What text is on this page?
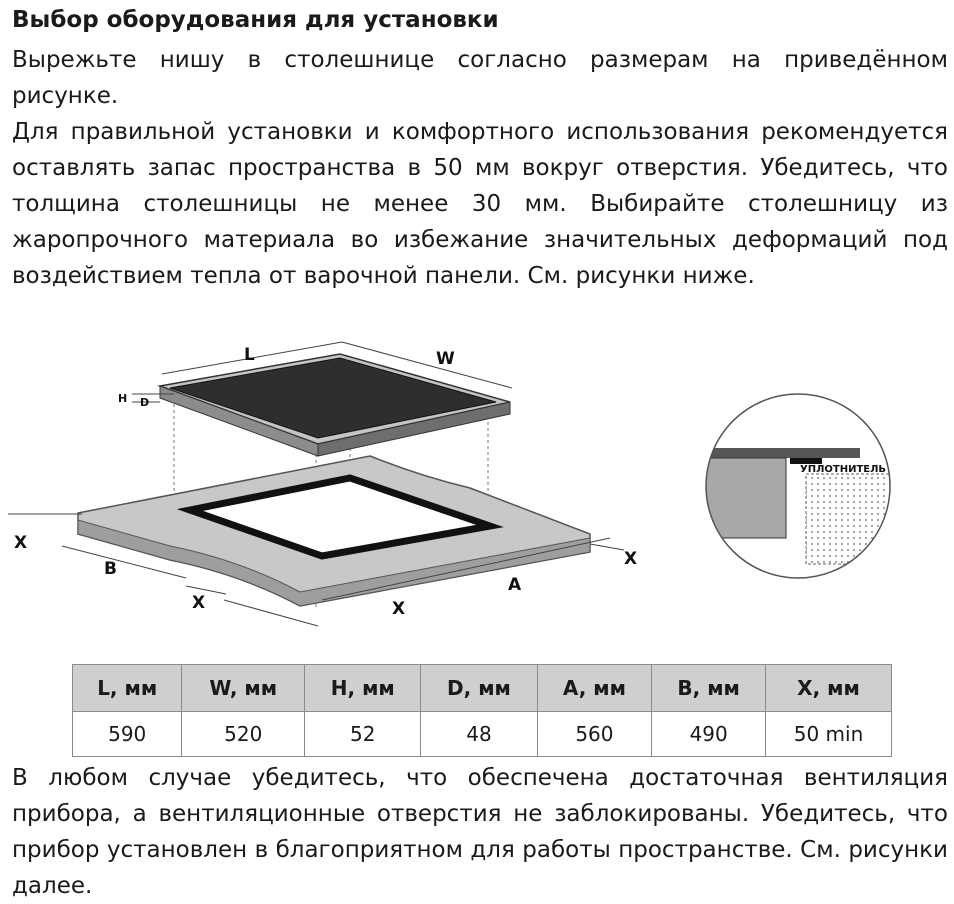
Выбор оборудования для установки

Вырежьте нишу в столешнице согласно размерам на приведённом рисунке.

Для правильной установки и комфортного использования рекомендуется оставлять запас пространства в 50 мм вокруг отверстия. Убедитесь, что толщина столешницы не менее 30 мм. Выбирайте столешницу из жаропрочного материала во избежание значительных деформаций под воздействием тепла от варочной панели. См. рисунки ниже.

L	W
H D
X
B
X	X
A
X
УПЛОТНИТЕЛЬ
L, мм	W, мм	H, мм	D, мм	A, мм	B, мм	X, мм
590	520	52	48	560	490	50 min

В любом случае убедитесь, что обеспечена достаточная вентиляция прибора, а вентиляционные отверстия не заблокированы. Убедитесь, что прибор установлен в благоприятном для работы пространстве. См. рисунки далее.
